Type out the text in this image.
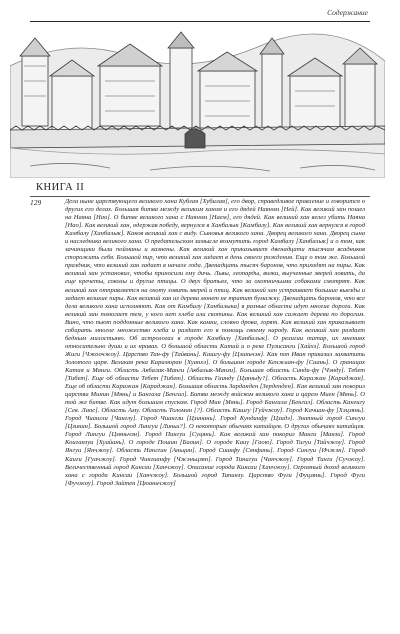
Содержание
КНИГА II
129	Дела ныне царствующего великого хана Кублая [Хубилая], его двор, справедливое правление и говорится о других его делах. Большая битва между великим ханом и его дядей Наяном [Ней]. Как великий хан пошел на Наяна [Нао]. О битве великого хана с Наяном [Наем], его дядей. Как великий хан велел убить Наяна [Нао]. Как великий хан, одержав победу, вернулся в Ханбалык [Камбалу]. Как великий хан вернулся в город Камбалу [Ханбалык]. Каков великий хан с виду. Сыновья великого хана. Дворец великого хана. Дворец сына и наследника великого хана. О предательском замысле возмутить город Камбалу [Ханбалык] и о том, как зачинщики были пойманы и казнены. Как великий хан приказывает двенадцати тысячам всадников сторожить себя. Большой пир, что великий хан задает в день своего рождения. Еще о том же. Большой праздник, что великий хан задает в начале года. Двенадцать тысяч баронов, что приходят на пиры. Как великий хан установил, чтобы приносили ему дичь. Львы, леопарды, волки, выученные зверей ловить, да еще кречеты, соколы и другие птицы. О двух братьях, что за охотничьими собаками смотрят. Как великий хан отправляется на охоту ловить зверей и птиц. Как великий хан устраивает большие выезды и задает великие пиры. Как великий хан из дерева монет не тратит бумажку. Двенадцать баронов, что все дела великого хана исполняют. Как от Камбалу [Ханбалыка] в разные области идут многие дороги. Как великий хан помогает тем, у кого нет хлеба или скотины. Как великий хан сажает дерева по дорогам. Вино, что пьют поддонные великого хана. Как камни, словно дрова, горят. Как великий хан приказывает собирать многое множество хлеба и раздает его в помощь своему народу. Как великий хан раздает бедным милостыню. Об астрологах в городе Камбалу [Ханбалык]. О религии татар, их мнениях относительно души и их нравах. О большой области Катай и о реке Пулисанги [Хайхэ]. Большой город Жиги [Чжоочжоу]. Царство Тан-фу [Тайвань]. Кашгу-фу [Цзиньчэн]. Как поп Иван приказал захватить Золотого царя. Великая река Караморан [Хуанхэ]. О большом городе Кенжиан-фу [Сиань]. О границах Катая и Манги. Область Акбалак-Манги [Акбалык-Манзи]. Большая область Синди-фу [Чэнду]. Тебет [Тибет]. Еще об области Тебет [Тибет]. Область Гаинду [Цзяньду?]. Область Каражан [Караджан]. Еще об области Каражан [Караджан]. Большая область Зарданден [Зерденден]. Как великий хан покорил царства Минин [Мянь] и Бангала [Бенгал]. Битва между войском великого хана и царем Миен [Мянь]. О той же битве. Как идут большим спуском. Город Мин [Мянь]. Город Бангала [Бенгал]. Область Кангигу [Сев. Лаос]. Область Аму. Область Толоман [?]. Область Кашгу [Гуйчжоу]. Город Качиан-фу [Хэцзянь]. Город Чиангли [Чанглу]. Город Чиангли [Цзинань]. Город Кундинфу [Цзидэ]. Знатный город Сингуи [Цзинин]. Большой город Лингуи [Линьи?]. О некоторых обычаях катайцев. О других обычаях катайцев. Город Лингуи [Цзяньчэн]. Город Пингуи [Суцянь]. Как великий хан покорил Манги [Манзи]. Город Коиганзуи [Хуайань]. О городе Пошин [Баоин]. О городе Каиу [Гаою]. Город Тигуи [Тайчжоу]. Город Янгуи [Янчжоу]. Область Нанггин [Аньцин]. Город Сианфу [Сянфань]. Город Сингуи [Ичжэн]. Город Каиги [Гуачжоу]. Город Чингианфу [Чжэньцзян]. Город Тинигуи [Чанчжоу]. Город Тинги [Сучжоу]. Величественный город Кинсаи [Ханчжоу]. Описание города Кинсаи [Ханчжоу]. Огромный доход великого хана с города Кинсаи [Ханчжоу]. Большой город Тапинзу. Царство Фуги [Фуцзянь]. Город Фуги [Фучжоу]. Город Зайтен [Цюаньчжоу]
